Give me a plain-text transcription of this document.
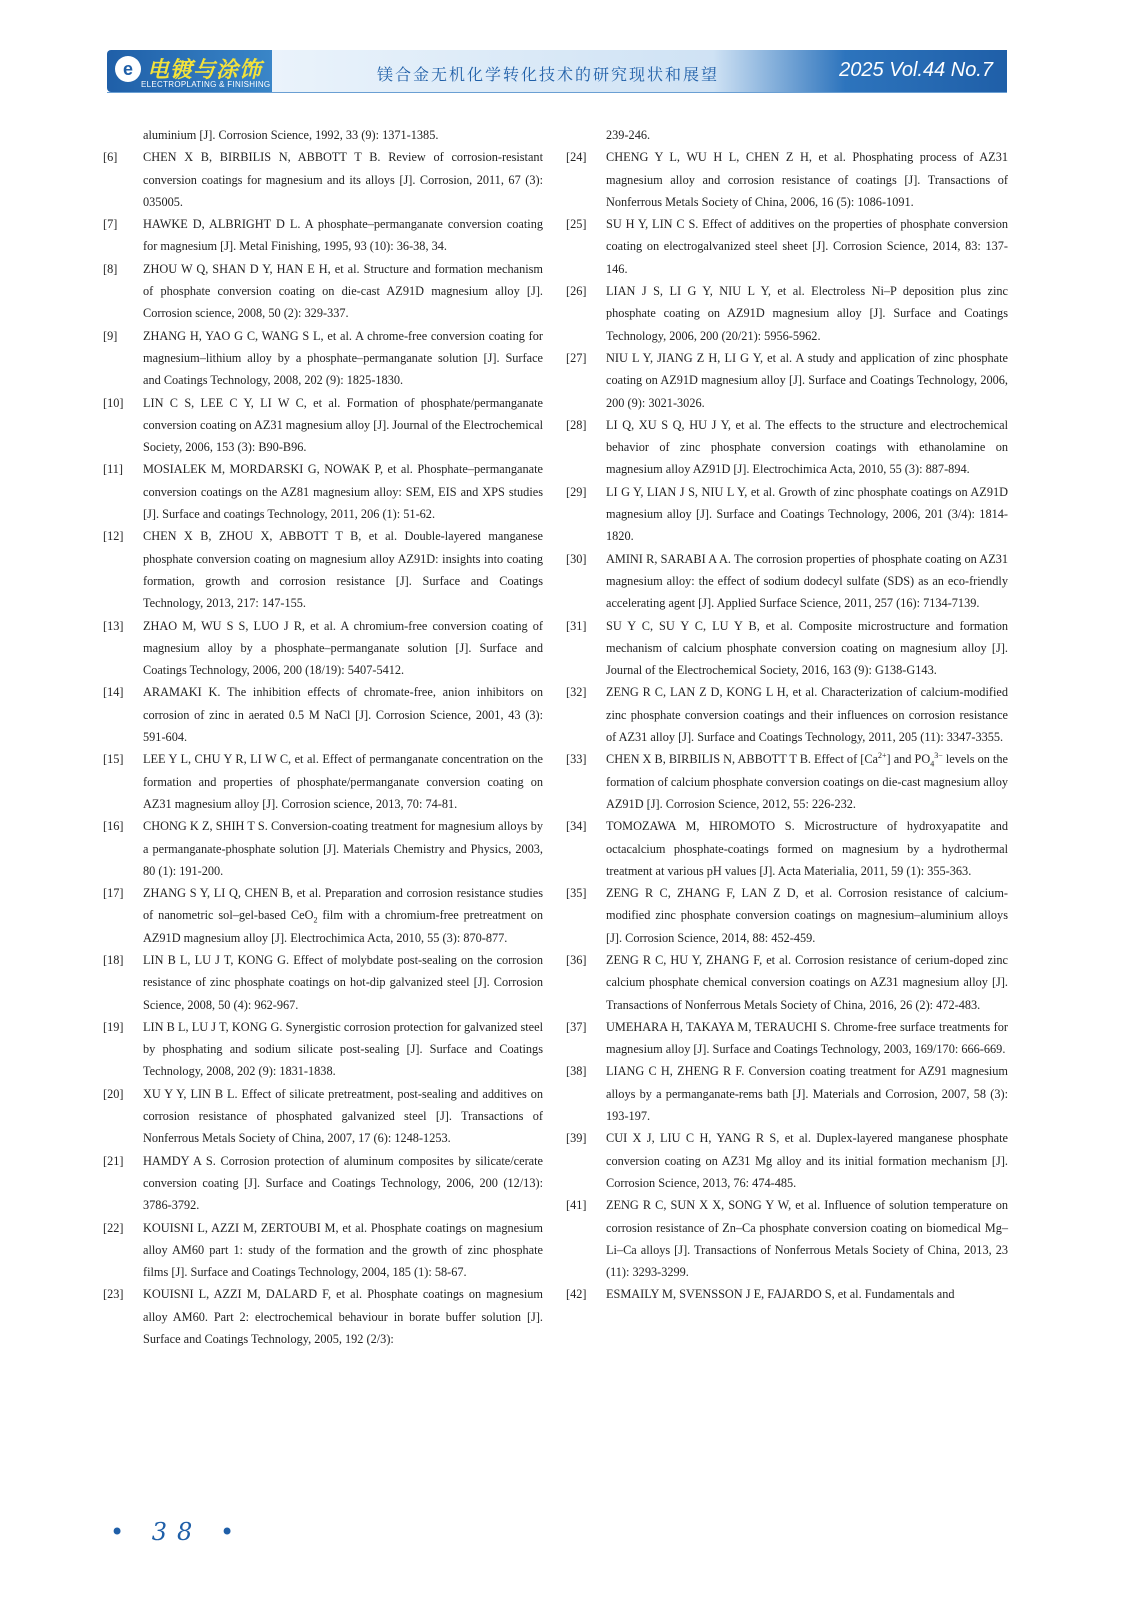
e 电镀与涂饰
ELECTROPLATING & FINISHING
镁合金无机化学转化技术的研究现状和展望	2025 Vol.44 No.7
aluminium [J]. Corrosion Science, 1992, 33 (9): 1371-1385.
[6]	CHEN X B, BIRBILIS N, ABBOTT T B. Review of corrosion-resistant conversion coatings for magnesium and its alloys [J]. Corrosion, 2011, 67 (3): 035005.
[7]	HAWKE D, ALBRIGHT D L. A phosphate–permanganate conversion coating for magnesium [J]. Metal Finishing, 1995, 93 (10): 36-38, 34.
[8]	ZHOU W Q, SHAN D Y, HAN E H, et al. Structure and formation mechanism of phosphate conversion coating on die-cast AZ91D magnesium alloy [J]. Corrosion science, 2008, 50 (2): 329-337.
[9]	ZHANG H, YAO G C, WANG S L, et al. A chrome-free conversion coating for magnesium–lithium alloy by a phosphate–permanganate solution [J]. Surface and Coatings Technology, 2008, 202 (9): 1825-1830.
[10]	LIN C S, LEE C Y, LI W C, et al. Formation of phosphate/permanganate conversion coating on AZ31 magnesium alloy [J]. Journal of the Electrochemical Society, 2006, 153 (3): B90-B96.
[11]	MOSIALEK M, MORDARSKI G, NOWAK P, et al. Phosphate–permanganate conversion coatings on the AZ81 magnesium alloy: SEM, EIS and XPS studies [J]. Surface and coatings Technology, 2011, 206 (1): 51-62.
[12]	CHEN X B, ZHOU X, ABBOTT T B, et al. Double-layered manganese phosphate conversion coating on magnesium alloy AZ91D: insights into coating formation, growth and corrosion resistance [J]. Surface and Coatings Technology, 2013, 217: 147-155.
[13]	ZHAO M, WU S S, LUO J R, et al. A chromium-free conversion coating of magnesium alloy by a phosphate–permanganate solution [J]. Surface and Coatings Technology, 2006, 200 (18/19): 5407-5412.
[14]	ARAMAKI K. The inhibition effects of chromate-free, anion inhibitors on corrosion of zinc in aerated 0.5 M NaCl [J]. Corrosion Science, 2001, 43 (3): 591-604.
[15]	LEE Y L, CHU Y R, LI W C, et al. Effect of permanganate concentration on the formation and properties of phosphate/permanganate conversion coating on AZ31 magnesium alloy [J]. Corrosion science, 2013, 70: 74-81.
[16]	CHONG K Z, SHIH T S. Conversion-coating treatment for magnesium alloys by a permanganate-phosphate solution [J]. Materials Chemistry and Physics, 2003, 80 (1): 191-200.
[17]	ZHANG S Y, LI Q, CHEN B, et al. Preparation and corrosion resistance studies of nanometric sol–gel-based CeO$_2$ film with a chromium-free pretreatment on AZ91D magnesium alloy [J]. Electrochimica Acta, 2010, 55 (3): 870-877.
[18]	LIN B L, LU J T, KONG G. Effect of molybdate post-sealing on the corrosion resistance of zinc phosphate coatings on hot-dip galvanized steel [J]. Corrosion Science, 2008, 50 (4): 962-967.
[19]	LIN B L, LU J T, KONG G. Synergistic corrosion protection for galvanized steel by phosphating and sodium silicate post-sealing [J]. Surface and Coatings Technology, 2008, 202 (9): 1831-1838.
[20]	XU Y Y, LIN B L. Effect of silicate pretreatment, post-sealing and additives on corrosion resistance of phosphated galvanized steel [J]. Transactions of Nonferrous Metals Society of China, 2007, 17 (6): 1248-1253.
[21]	HAMDY A S. Corrosion protection of aluminum composites by silicate/cerate conversion coating [J]. Surface and Coatings Technology, 2006, 200 (12/13): 3786-3792.
[22]	KOUISNI L, AZZI M, ZERTOUBI M, et al. Phosphate coatings on magnesium alloy AM60 part 1: study of the formation and the growth of zinc phosphate films [J]. Surface and Coatings Technology, 2004, 185 (1): 58-67.
[23]	KOUISNI L, AZZI M, DALARD F, et al. Phosphate coatings on magnesium alloy AM60. Part 2: electrochemical behaviour in borate buffer solution [J]. Surface and Coatings Technology, 2005, 192 (2/3):
239-246.
[24]	CHENG Y L, WU H L, CHEN Z H, et al. Phosphating process of AZ31 magnesium alloy and corrosion resistance of coatings [J]. Transactions of Nonferrous Metals Society of China, 2006, 16 (5): 1086-1091.
[25]	SU H Y, LIN C S. Effect of additives on the properties of phosphate conversion coating on electrogalvanized steel sheet [J]. Corrosion Science, 2014, 83: 137-146.
[26]	LIAN J S, LI G Y, NIU L Y, et al. Electroless Ni–P deposition plus zinc phosphate coating on AZ91D magnesium alloy [J]. Surface and Coatings Technology, 2006, 200 (20/21): 5956-5962.
[27]	NIU L Y, JIANG Z H, LI G Y, et al. A study and application of zinc phosphate coating on AZ91D magnesium alloy [J]. Surface and Coatings Technology, 2006, 200 (9): 3021-3026.
[28]	LI Q, XU S Q, HU J Y, et al. The effects to the structure and electrochemical behavior of zinc phosphate conversion coatings with ethanolamine on magnesium alloy AZ91D [J]. Electrochimica Acta, 2010, 55 (3): 887-894.
[29]	LI G Y, LIAN J S, NIU L Y, et al. Growth of zinc phosphate coatings on AZ91D magnesium alloy [J]. Surface and Coatings Technology, 2006, 201 (3/4): 1814-1820.
[30]	AMINI R, SARABI A A. The corrosion properties of phosphate coating on AZ31 magnesium alloy: the effect of sodium dodecyl sulfate (SDS) as an eco-friendly accelerating agent [J]. Applied Surface Science, 2011, 257 (16): 7134-7139.
[31]	SU Y C, SU Y C, LU Y B, et al. Composite microstructure and formation mechanism of calcium phosphate conversion coating on magnesium alloy [J]. Journal of the Electrochemical Society, 2016, 163 (9): G138-G143.
[32]	ZENG R C, LAN Z D, KONG L H, et al. Characterization of calcium-modified zinc phosphate conversion coatings and their influences on corrosion resistance of AZ31 alloy [J]. Surface and Coatings Technology, 2011, 205 (11): 3347-3355.
[33]	CHEN X B, BIRBILIS N, ABBOTT T B. Effect of $[Ca^{2+}]$ and $PO_4^{3-}$ levels on the formation of calcium phosphate conversion coatings on die-cast magnesium alloy AZ91D [J]. Corrosion Science, 2012, 55: 226-232.
[34]	TOMOZAWA M, HIROMOTO S. Microstructure of hydroxyapatite and octacalcium phosphate-coatings formed on magnesium by a hydrothermal treatment at various pH values [J]. Acta Materialia, 2011, 59 (1): 355-363.
[35]	ZENG R C, ZHANG F, LAN Z D, et al. Corrosion resistance of calcium-modified zinc phosphate conversion coatings on magnesium–aluminium alloys [J]. Corrosion Science, 2014, 88: 452-459.
[36]	ZENG R C, HU Y, ZHANG F, et al. Corrosion resistance of cerium-doped zinc calcium phosphate chemical conversion coatings on AZ31 magnesium alloy [J]. Transactions of Nonferrous Metals Society of China, 2016, 26 (2): 472-483.
[37]	UMEHARA H, TAKAYA M, TERAUCHI S. Chrome-free surface treatments for magnesium alloy [J]. Surface and Coatings Technology, 2003, 169/170: 666-669.
[38]	LIANG C H, ZHENG R F. Conversion coating treatment for AZ91 magnesium alloys by a permanganate-rems bath [J]. Materials and Corrosion, 2007, 58 (3): 193-197.
[39]	CUI X J, LIU C H, YANG R S, et al. Duplex-layered manganese phosphate conversion coating on AZ31 Mg alloy and its initial formation mechanism [J]. Corrosion Science, 2013, 76: 474-485.
[41]	ZENG R C, SUN X X, SONG Y W, et al. Influence of solution temperature on corrosion resistance of Zn–Ca phosphate conversion coating on biomedical Mg–Li–Ca alloys [J]. Transactions of Nonferrous Metals Society of China, 2013, 23 (11): 3293-3299.
[42]	ESMAILY M, SVENSSON J E, FAJARDO S, et al. Fundamentals and
• 38 •
